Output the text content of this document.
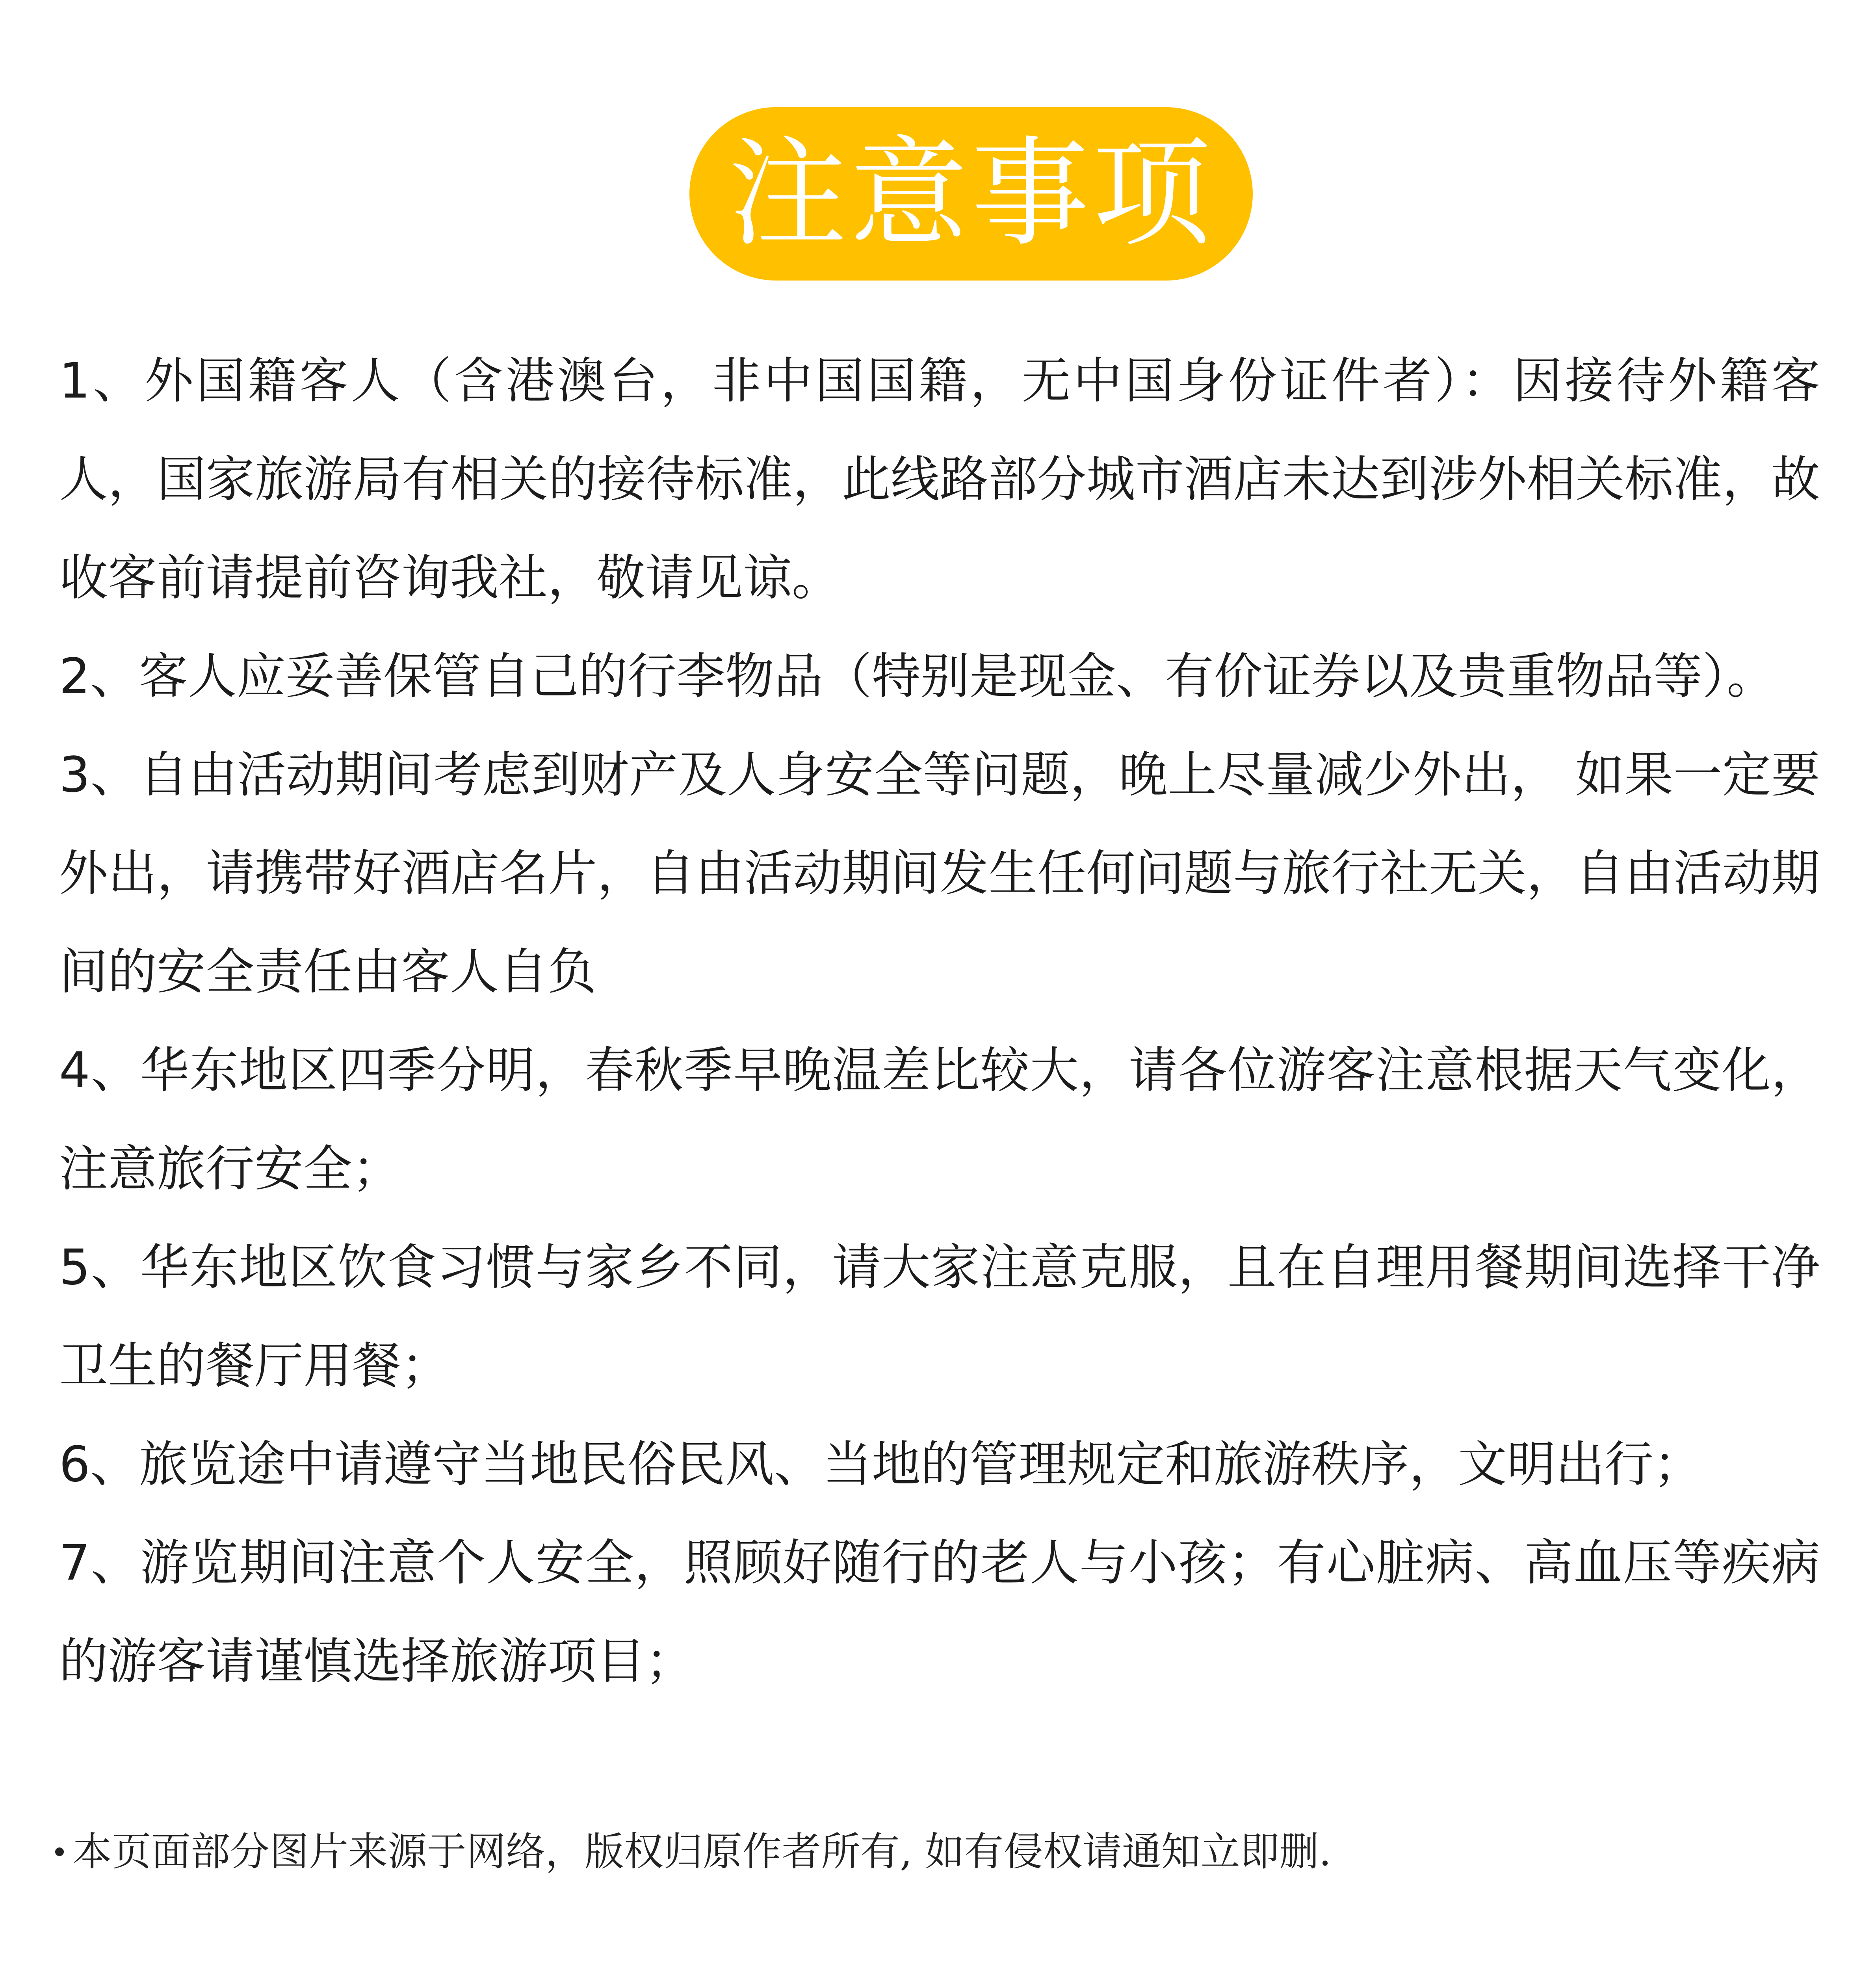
注意事项
1、外国籍客人（含港澳台，非中国国籍，无中国身份证件者）：因接待外籍客人，国家旅游局有相关的接待标准，此线路部分城市酒店未达到涉外相关标准，故收客前请提前咨询我社，敬请见谅。
2、客人应妥善保管自己的行李物品（特别是现金、有价证券以及贵重物品等）。
3、自由活动期间考虑到财产及人身安全等问题，晚上尽量减少外出， 如果一定要外出，请携带好酒店名片，自由活动期间发生任何问题与旅行社无关，自由活动期间的安全责任由客人自负
4、华东地区四季分明，春秋季早晚温差比较大，请各位游客注意根据天气变化，注意旅行安全；
5、华东地区饮食习惯与家乡不同，请大家注意克服，且在自理用餐期间选择干净卫生的餐厅用餐；
6、旅览途中请遵守当地民俗民风、当地的管理规定和旅游秩序，文明出行；
7、游览期间注意个人安全，照顾好随行的老人与小孩；有心脏病、高血压等疾病的游客请谨慎选择旅游项目；
本页面部分图片来源于网络，版权归原作者所有, 如有侵权请通知立即删.
